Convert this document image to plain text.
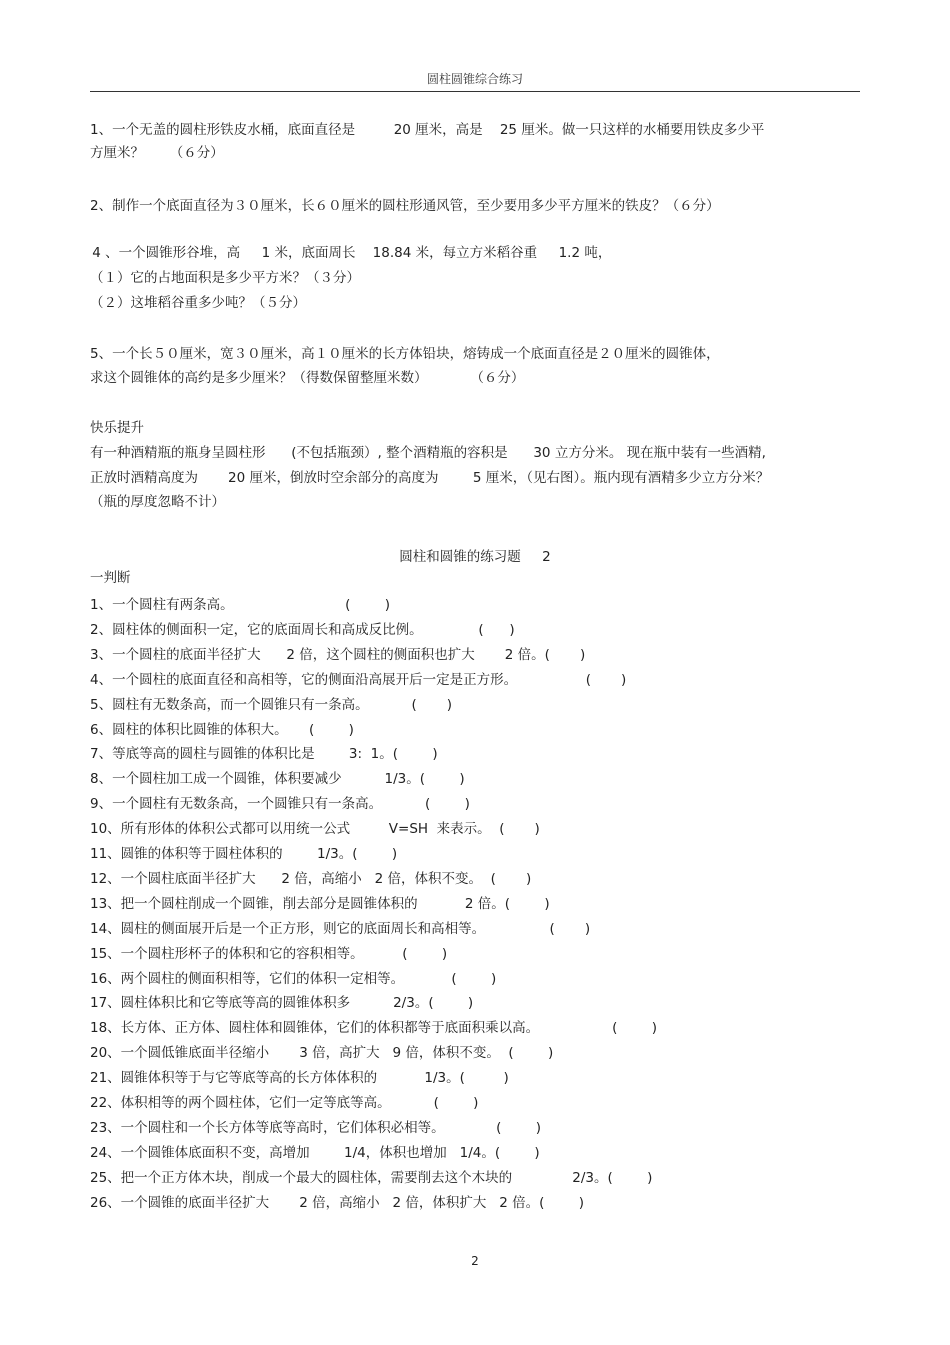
圆柱圆锥综合练习
1、一个无盖的圆柱形铁皮水桶，底面直径是         20 厘米，高是    25 厘米。做一只这样的水桶要用铁皮多少平
方厘米？      （６分）
2、制作一个底面直径为３０厘米，长６０厘米的圆柱形通风管，至少要用多少平方厘米的铁皮？（６分）
4 、一个圆锥形谷堆，高     1 米，底面周长    18.84 米，每立方米稻谷重     1.2 吨，
（１）它的占地面积是多少平方米？（３分）
（２）这堆稻谷重多少吨？（５分）
5、一个长５０厘米，宽３０厘米，高１０厘米的长方体铅块，熔铸成一个底面直径是２０厘米的圆锥体，
求这个圆锥体的高约是多少厘米？（得数保留整厘米数）          （６分）
快乐提升
有一种酒精瓶的瓶身呈圆柱形      (不包括瓶颈）, 整个酒精瓶的容积是      30 立方分米。 现在瓶中装有一些酒精,
正放时酒精高度为       20 厘米，倒放时空余部分的高度为        5 厘米，（见右图）。瓶内现有酒精多少立方分米？
（瓶的厚度忽略不计）
圆柱和圆锥的练习题     2
一判断
1、一个圆柱有两条高。                          (        )
2、圆柱体的侧面积一定，它的底面周长和高成反比例。             (      )
3、一个圆柱的底面半径扩大      2 倍，这个圆柱的侧面积也扩大       2 倍。(       )
4、一个圆柱的底面直径和高相等，它的侧面沿高展开后一定是正方形。                (       )
5、圆柱有无数条高，而一个圆锥只有一条高。          (       )
6、圆柱的体积比圆锥的体积大。     (        )
7、等底等高的圆柱与圆锥的体积比是        3:  1。(        )
8、一个圆柱加工成一个圆锥，体积要减少          1/3。(        )
9、一个圆柱有无数条高，一个圆锥只有一条高。          (        )
10、所有形体的体积公式都可以用统一公式         V=SH  来表示。  (       )
11、圆锥的体积等于圆柱体积的        1/3。(        )
12、一个圆柱底面半径扩大      2 倍，高缩小   2 倍，体积不变。  (       )
13、把一个圆柱削成一个圆锥，削去部分是圆锥体积的           2 倍。(        )
14、圆柱的侧面展开后是一个正方形，则它的底面周长和高相等。               (       )
15、一个圆柱形杯子的体积和它的容积相等。         (        )
16、两个圆柱的侧面积相等，它们的体积一定相等。           (        )
17、圆柱体积比和它等底等高的圆锥体积多          2/3。(        )
18、长方体、正方体、圆柱体和圆锥体，它们的体积都等于底面积乘以高。                 (        )
20、一个圆低锥底面半径缩小       3 倍，高扩大   9 倍，体积不变。  (        )
21、圆锥体积等于与它等底等高的长方体体积的           1/3。(         )
22、体积相等的两个圆柱体，它们一定等底等高。          (        )
23、一个圆柱和一个长方体等底等高时，它们体积必相等。            (        )
24、一个圆锥体底面积不变，高增加        1/4，体积也增加   1/4。(        )
25、把一个正方体木块，削成一个最大的圆柱体，需要削去这个木块的              2/3。(        )
26、一个圆锥的底面半径扩大       2 倍，高缩小   2 倍，体积扩大   2 倍。(        )
2
